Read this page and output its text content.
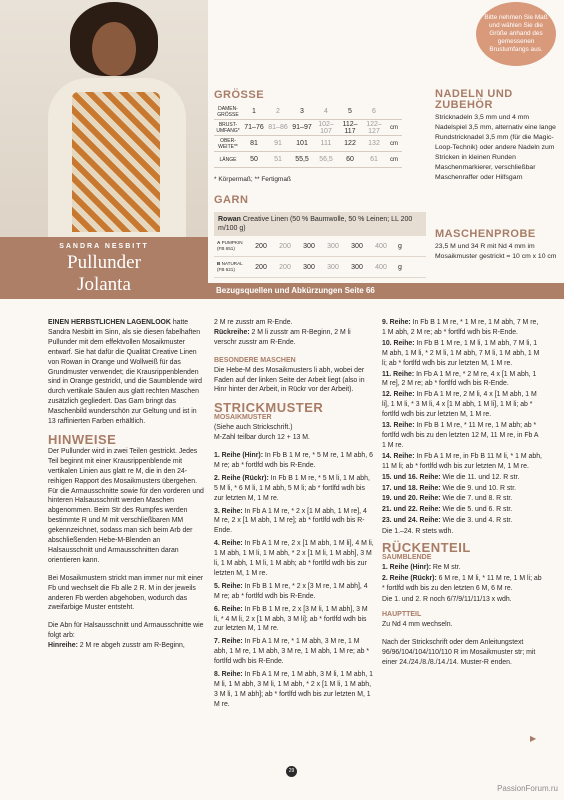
Bitte nehmen Sie Maß und wählen Sie die Größe anhand des gemessenen Brustumfangs aus.
SANDRA NESBITT
Pullunder
Jolanta
GRÖSSE
DAMEN-GRÖSSE	1	2	3	4	5	6	
BRUST-UMFANG*	71–76	81–86	91–97	102–107	112–117	122–127	cm
OBER-WEITE**	81	91	101	111	122	132	cm
LÄNGE	50	51	55,5	56,5	60	61	cm
* Körpermaß; ** Fertigmaß
GARN
Rowan Creative Linen (50 % Baumwolle, 50 % Leinen; LL 200 m/100 g)
A PUMPKIN (FB 651)	200	200	300	300	300	400	g
B NATURAL (FB 621)	200	200	300	300	300	400	g
NADELN UND ZUBEHÖR
Stricknadeln 3,5 mm und 4 mm
Nadelspiel 3,5 mm, alternativ eine lange Rundstricknadel 3,5 mm (für die Magic-Loop-Technik) oder andere Nadeln zum Stricken in kleinen Runden
Maschenmarkierer, verschließbar
Maschenraffer oder Hilfsgarn
MASCHENPROBE
23,5 M und 34 R mit Nd 4 mm im Mosaikmuster gestrickt = 10 cm x 10 cm
Bezugsquellen und Abkürzungen Seite 66

EINEN HERBSTLICHEN LAGENLOOK hatte Sandra Nesbitt im Sinn, als sie diesen fabelhaften Pullunder mit dem effektvollen Mosaikmuster entwarf. Sie hat dafür die Qualität Creative Linen von Rowan in Orange und Wollweiß für das Grundmuster verwendet; die Krausrippenblenden sind in Orange gestrickt, und die Saumblende wird durch vertikale Säulen aus glatt rechten Maschen zusätzlich gegliedert. Das Garn bringt das Maschenbild wunderschön zur Geltung und ist in 13 raffinierten Farben erhältlich.

HINWEISE

Der Pullunder wird in zwei Teilen gestrickt. Jedes Teil beginnt mit einer Krausrippenblende mit vertikalen Linien aus glatt re M, die in den 24-reihigen Rapport des Mosaikmusters übergehen. Für die Armausschnitte sowie für den vorderen und hinteren Halsausschnitt werden Maschen abgenommen. Beim Str des Rumpfes werden bestimmte R und M mit verschließbaren MM gekennzeichnet, sodass man sich beim Arb der abschließenden Hebe-M-Blenden an Halsausschnitt und Armausschnitten daran orientieren kann.

Bei Mosaikmustern strickt man immer nur mit einer Fb und wechselt die Fb alle 2 R. M in der jeweils anderen Fb werden abgehoben, wodurch das zweifarbige Muster entsteht.

Die Abn für Halsausschnitt und Armausschnitte wie folgt arb:
Hinreihe: 2 M re abgeh zusstr am R-Beginn,

2 M re zusstr am R-Ende.

Rückreihe: 2 M li zusstr am R-Beginn, 2 M li verschr zusstr am R-Ende.

BESONDERE MASCHEN

Die Hebe-M des Mosaikmusters li abh, wobei der Faden auf der linken Seite der Arbeit liegt (also in Hinr hinter der Arbeit, in Rückr vor der Arbeit).

STRICKMUSTER
MOSAIKMUSTER

(Siehe auch Strickschrift.)
M-Zahl teilbar durch 12 + 13 M.

1. Reihe (Hinr): In Fb B 1 M re, * 5 M re, 1 M abh, 6 M re; ab * fortlfd wdh bis R-Ende.

2. Reihe (Rückr): In Fb B 1 M re, * 5 M li, 1 M abh, 5 M li, * 6 M li, 1 M abh, 5 M li; ab * fortlfd wdh bis zur letzten M, 1 M re.

3. Reihe: In Fb A 1 M re, * 2 x [1 M abh, 1 M re], 4 M re, 2 x [1 M abh, 1 M re]; ab * fortlfd wdh bis R-Ende.

4. Reihe: In Fb A 1 M re, 2 x [1 M abh, 1 M li], 4 M li, 1 M abh, 1 M li, 1 M abh, * 2 x [1 M li, 1 M abh], 3 M li, 1 M abh, 1 M li, 1 M abh; ab * fortlfd wdh bis zur letzten M, 1 M re.

5. Reihe: In Fb B 1 M re, * 2 x [3 M re, 1 M abh], 4 M re; ab * fortlfd wdh bis R-Ende.

6. Reihe: In Fb B 1 M re, 2 x [3 M li, 1 M abh], 3 M li, * 4 M li, 2 x [1 M abh, 3 M li]; ab * fortlfd wdh bis zur letzten M, 1 M re.

7. Reihe: In Fb A 1 M re, * 1 M abh, 3 M re, 1 M abh, 1 M re, 1 M abh, 3 M re, 1 M abh, 1 M re; ab * fortlfd wdh bis R-Ende.

8. Reihe: In Fb A 1 M re, 1 M abh, 3 M li, 1 M abh, 1 M li, 1 M abh, 3 M li, 1 M abh, * 2 x [1 M li, 1 M abh, 3 M li, 1 M abh]; ab * fortlfd wdh bis zur letzten M, 1 M re.

9. Reihe: In Fb B 1 M re, * 1 M re, 1 M abh, 7 M re, 1 M abh, 2 M re; ab * fortlfd wdh bis R-Ende.

10. Reihe: In Fb B 1 M re, 1 M li, 1 M abh, 7 M li, 1 M abh, 1 M li, * 2 M li, 1 M abh, 7 M li, 1 M abh, 1 M li; ab * fortlfd wdh bis zur letzten M, 1 M re.

11. Reihe: In Fb A 1 M re, * 2 M re, 4 x [1 M abh, 1 M re], 2 M re; ab * fortlfd wdh bis R-Ende.

12. Reihe: In Fb A 1 M re, 2 M li, 4 x [1 M abh, 1 M li], 1 M li, * 3 M li, 4 x [1 M abh, 1 M li], 1 M li; ab * fortlfd wdh bis zur letzten M, 1 M re.

13. Reihe: In Fb B 1 M re, * 11 M re, 1 M abh; ab * fortlfd wdh bis zu den letzten 12 M, 11 M re, in Fb A 1 M re.

14. Reihe: In Fb A 1 M re, in Fb B 11 M li, * 1 M abh, 11 M li; ab * fortlfd wdh bis zur letzten M, 1 M re.

15. und 16. Reihe: Wie die 11. und 12. R str.

17. und 18. Reihe: Wie die 9. und 10. R str.

19. und 20. Reihe: Wie die 7. und 8. R str.

21. und 22. Reihe: Wie die 5. und 6. R str.

23. und 24. Reihe: Wie die 3. und 4. R str.

Die 1.–24. R stets wdh.

RÜCKENTEIL
SAUMBLENDE

1. Reihe (Hinr): Re M str.

2. Reihe (Rückr): 6 M re, 1 M li, * 11 M re, 1 M li; ab * fortlfd wdh bis zu den letzten 6 M, 6 M re.

Die 1. und 2. R noch 6/7/9/11/11/13 x wdh.

HAUPTTEIL

Zu Nd 4 mm wechseln.

Nach der Strickschrift oder dem Anleitungstext 96/96/104/104/110/110 R im Mosaikmuster str; mit einer 24./24./8./8./14./14. Muster-R enden.

▶
29
PassionForum.ru
